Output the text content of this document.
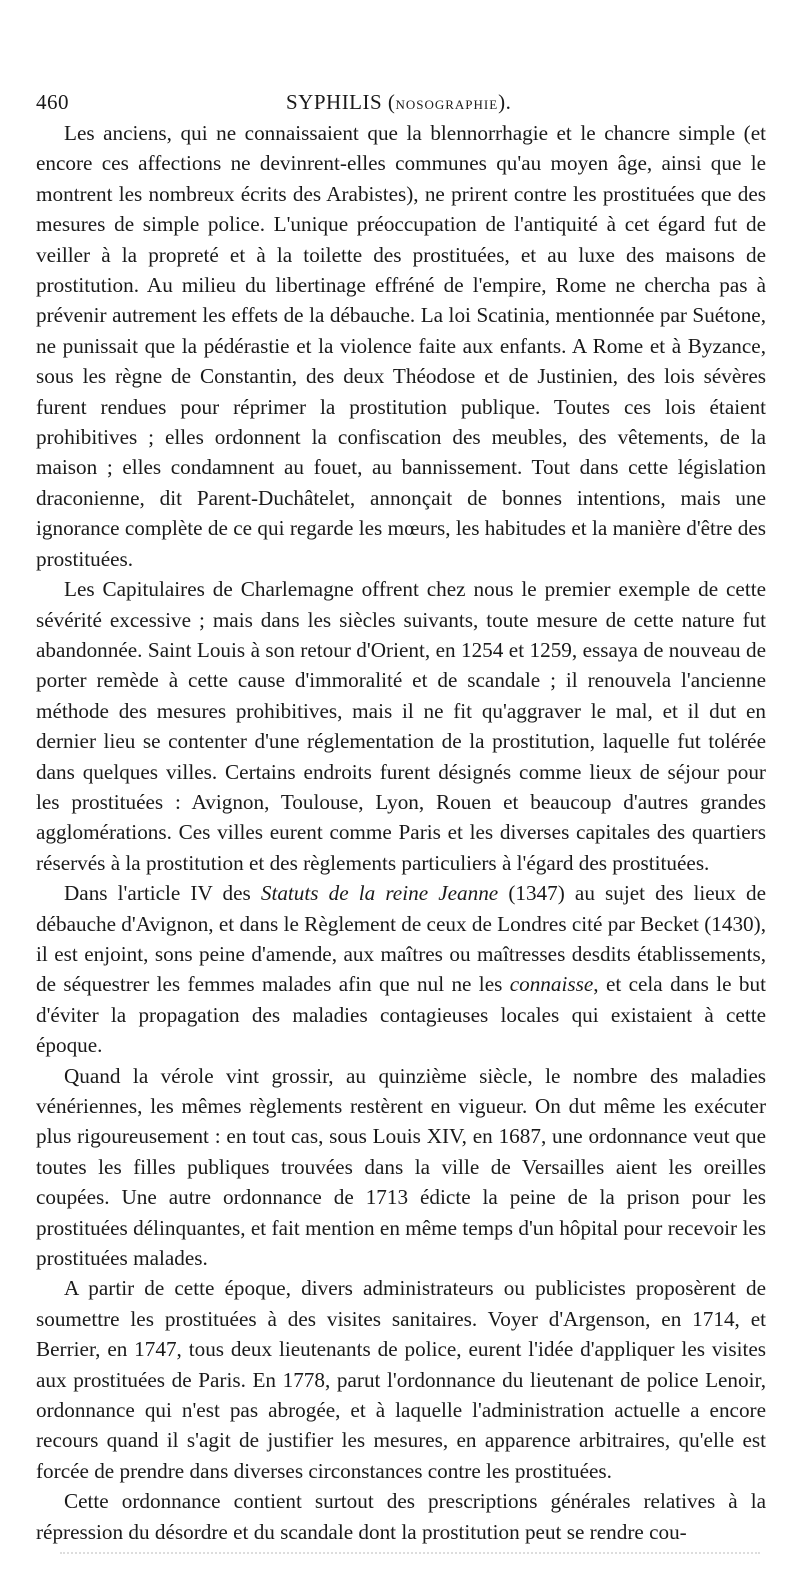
460	SYPHILIS (NOSOGRAPHIE).

Les anciens, qui ne connaissaient que la blennorrhagie et le chancre simple (et encore ces affections ne devinrent-elles communes qu'au moyen âge, ainsi que le montrent les nombreux écrits des Arabistes), ne prirent contre les prostituées que des mesures de simple police. L'unique préoccupation de l'antiquité à cet égard fut de veiller à la propreté et à la toilette des prostituées, et au luxe des maisons de prostitution. Au milieu du libertinage effréné de l'empire, Rome ne chercha pas à prévenir autrement les effets de la débauche. La loi Scatinia, mentionnée par Suétone, ne punissait que la pédérastie et la violence faite aux enfants. A Rome et à Byzance, sous les règne de Constantin, des deux Théodose et de Justinien, des lois sévères furent rendues pour réprimer la prostitution publique. Toutes ces lois étaient prohibitives ; elles ordonnent la confiscation des meubles, des vêtements, de la maison ; elles condamnent au fouet, au bannissement. Tout dans cette législation draconienne, dit Parent-Duchâtelet, annonçait de bonnes intentions, mais une ignorance complète de ce qui regarde les mœurs, les habitudes et la manière d'être des prostituées.

Les Capitulaires de Charlemagne offrent chez nous le premier exemple de cette sévérité excessive ; mais dans les siècles suivants, toute mesure de cette nature fut abandonnée. Saint Louis à son retour d'Orient, en 1254 et 1259, essaya de nouveau de porter remède à cette cause d'immoralité et de scandale ; il renouvela l'ancienne méthode des mesures prohibitives, mais il ne fit qu'aggraver le mal, et il dut en dernier lieu se contenter d'une réglementation de la prostitution, laquelle fut tolérée dans quelques villes. Certains endroits furent désignés comme lieux de séjour pour les prostituées : Avignon, Toulouse, Lyon, Rouen et beaucoup d'autres grandes agglomérations. Ces villes eurent comme Paris et les diverses capitales des quartiers réservés à la prostitution et des règlements particuliers à l'égard des prostituées.

Dans l'article IV des Statuts de la reine Jeanne (1347) au sujet des lieux de débauche d'Avignon, et dans le Règlement de ceux de Londres cité par Becket (1430), il est enjoint, sons peine d'amende, aux maîtres ou maîtresses desdits établissements, de séquestrer les femmes malades afin que nul ne les connaisse, et cela dans le but d'éviter la propagation des maladies contagieuses locales qui existaient à cette époque.

Quand la vérole vint grossir, au quinzième siècle, le nombre des maladies vénériennes, les mêmes règlements restèrent en vigueur. On dut même les exécuter plus rigoureusement : en tout cas, sous Louis XIV, en 1687, une ordonnance veut que toutes les filles publiques trouvées dans la ville de Versailles aient les oreilles coupées. Une autre ordonnance de 1713 édicte la peine de la prison pour les prostituées délinquantes, et fait mention en même temps d'un hôpital pour recevoir les prostituées malades.

A partir de cette époque, divers administrateurs ou publicistes proposèrent de soumettre les prostituées à des visites sanitaires. Voyer d'Argenson, en 1714, et Berrier, en 1747, tous deux lieutenants de police, eurent l'idée d'appliquer les visites aux prostituées de Paris. En 1778, parut l'ordonnance du lieutenant de police Lenoir, ordonnance qui n'est pas abrogée, et à laquelle l'administration actuelle a encore recours quand il s'agit de justifier les mesures, en apparence arbitraires, qu'elle est forcée de prendre dans diverses circonstances contre les prostituées.

Cette ordonnance contient surtout des prescriptions générales relatives à la répression du désordre et du scandale dont la prostitution peut se rendre cou-
